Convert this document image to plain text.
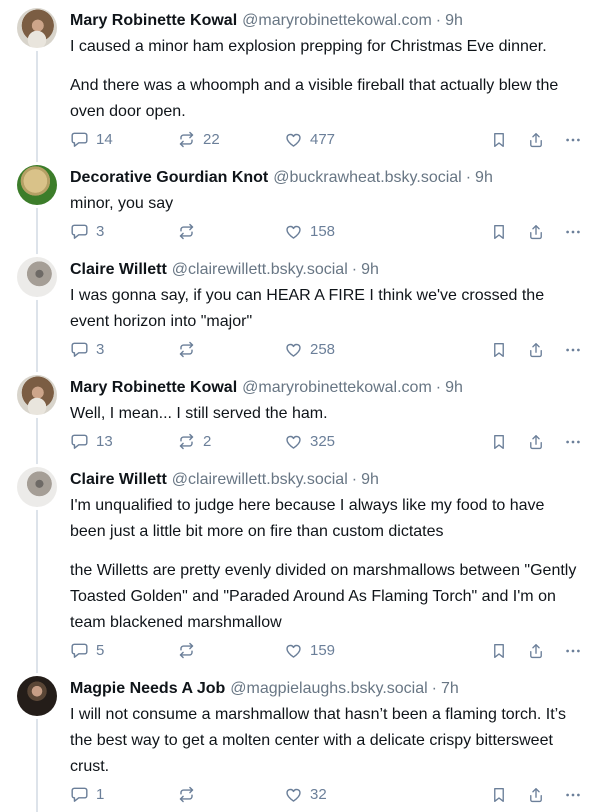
Mary Robinette Kowal @maryrobinettekowal.com · 9h

I caused a minor ham explosion prepping for Christmas Eve dinner.

And there was a whoomph and a visible fireball that actually blew the oven door open.

14	22	477
Decorative Gourdian Knot @buckrawheat.bsky.social · 9h

minor, you say

3	158
Claire Willett @clairewillett.bsky.social · 9h

I was gonna say, if you can HEAR A FIRE I think we've crossed the event horizon into "major"

3	258
Mary Robinette Kowal @maryrobinettekowal.com · 9h

Well, I mean... I still served the ham.

13	2	325
Claire Willett @clairewillett.bsky.social · 9h

I'm unqualified to judge here because I always like my food to have been just a little bit more on fire than custom dictates

the Willetts are pretty evenly divided on marshmallows between "Gently Toasted Golden" and "Paraded Around As Flaming Torch" and I'm on team blackened marshmallow

5	159
Magpie Needs A Job @magpielaughs.bsky.social · 7h

I will not consume a marshmallow that hasn’t been a flaming torch. It’s the best way to get a molten center with a delicate crispy bittersweet crust.

1	32
